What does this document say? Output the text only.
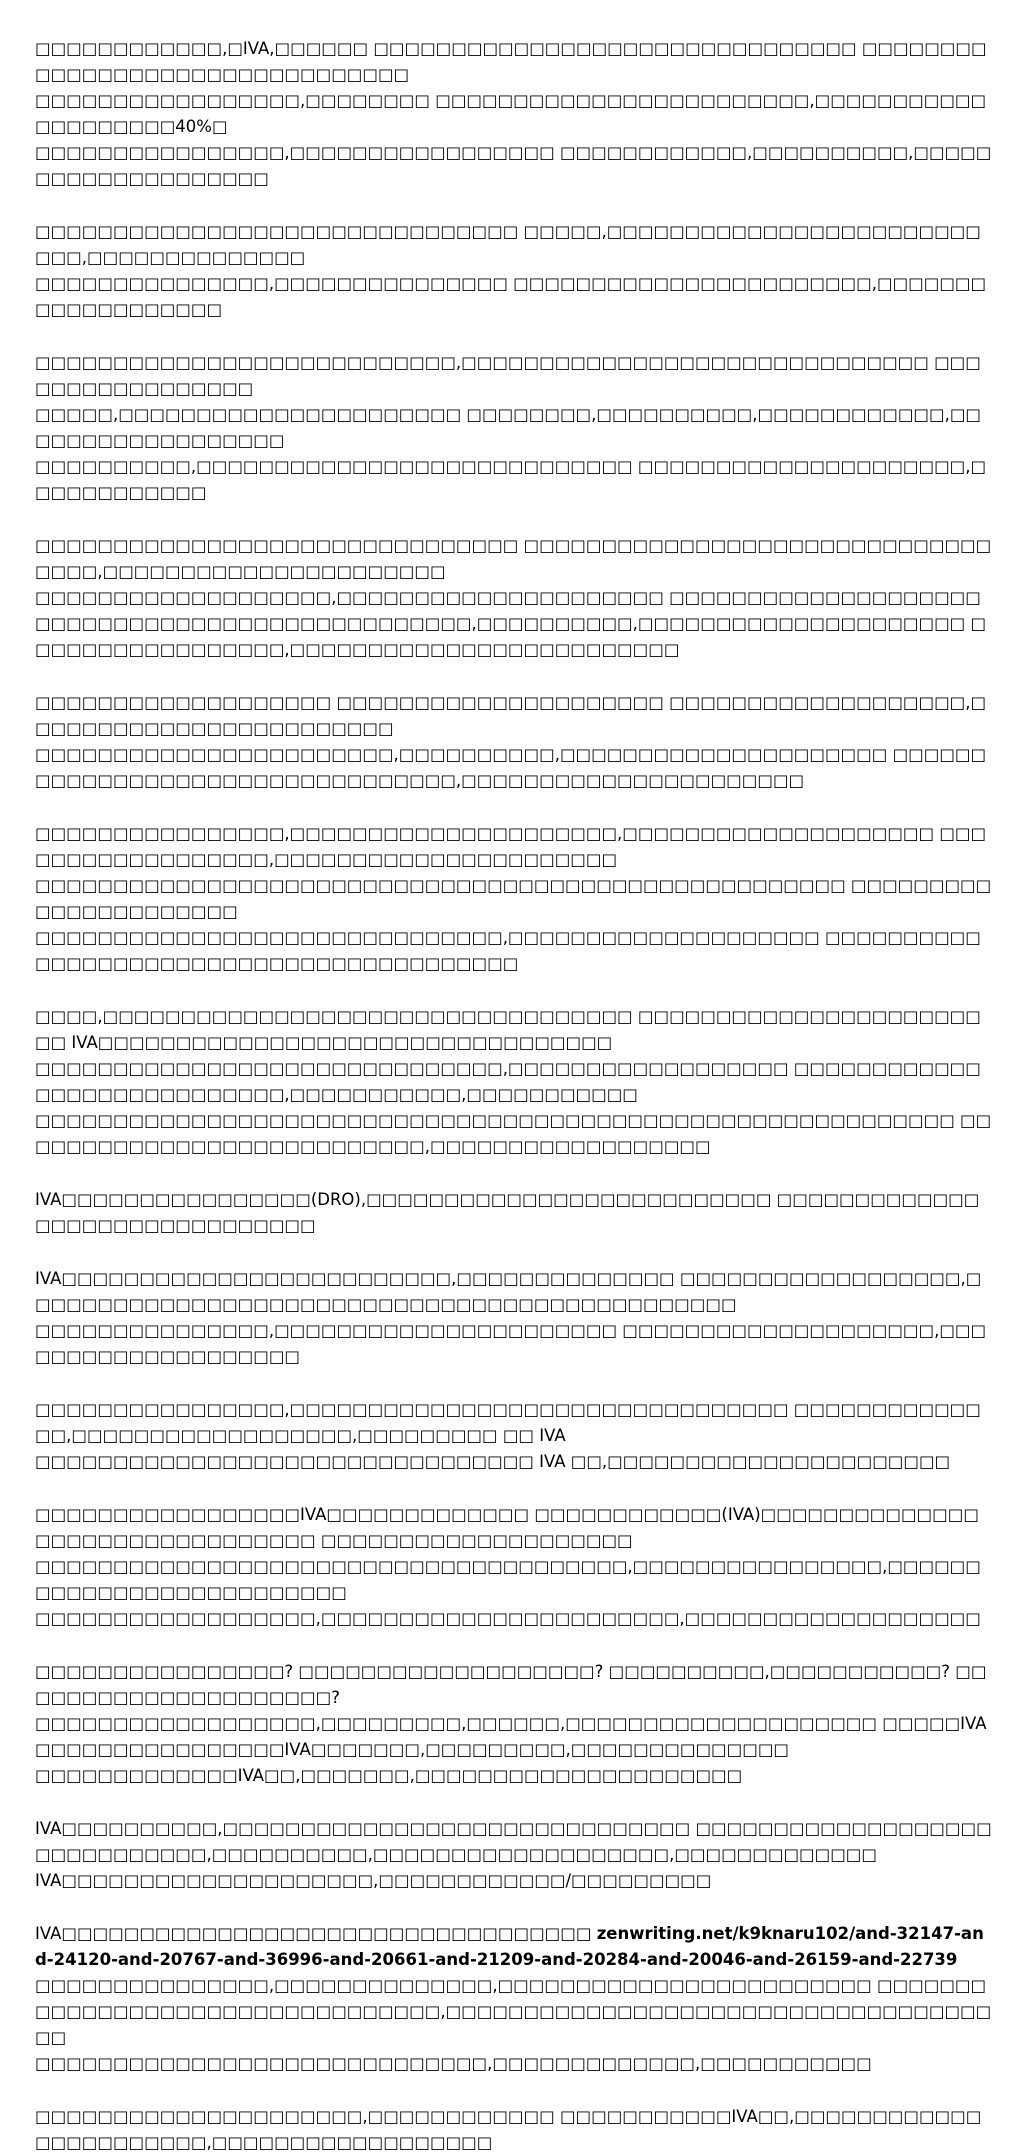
□□□□□□□□□□□□,□IVA,□□□□□□ □□□□□□□□□□□□□□□□□□□□□□□□□□□□□□□ □□□□□□□□□□□□□□□□□□□□□□□□□□□□□□□□
□□□□□□□□□□□□□□□□□,□□□□□□□□ □□□□□□□□□□□□□□□□□□□□□□□□,□□□□□□□□□□□□□□□□□□□□40%□
□□□□□□□□□□□□□□□□,□□□□□□□□□□□□□□□□□ □□□□□□□□□□□□,□□□□□□□□□□,□□□□□□□□□□□□□□□□□□□□

□□□□□□□□□□□□□□□□□□□□□□□□□□□□□□□ □□□□□,□□□□□□□□□□□□□□□□□□□□□□□□□□□,□□□□□□□□□□□□□□
□□□□□□□□□□□□□□□,□□□□□□□□□□□□□□□ □□□□□□□□□□□□□□□□□□□□□□□,□□□□□□□□□□□□□□□□□□□

□□□□□□□□□□□□□□□□□□□□□□□□□□□,□□□□□□□□□□□□□□□□□□□□□□□□□□□□□□ □□□□□□□□□□□□□□□□□
□□□□□,□□□□□□□□□□□□□□□□□□□□□□ □□□□□□□□,□□□□□□□□□□,□□□□□□□□□□□□,□□□□□□□□□□□□□□□□□□
□□□□□□□□□□,□□□□□□□□□□□□□□□□□□□□□□□□□□□□ □□□□□□□□□□□□□□□□□□□□□,□□□□□□□□□□□□

□□□□□□□□□□□□□□□□□□□□□□□□□□□□□□□ □□□□□□□□□□□□□□□□□□□□□□□□□□□□□□□□□□,□□□□□□□□□□□□□□□□□□□□□□
□□□□□□□□□□□□□□□□□□□,□□□□□□□□□□□□□□□□□□□□□ □□□□□□□□□□□□□□□□□□□□
□□□□□□□□□□□□□□□□□□□□□□□□□□□□,□□□□□□□□□□,□□□□□□□□□□□□□□□□□□□□□ □□□□□□□□□□□□□□□□□,□□□□□□□□□□□□□□□□□□□□□□□□□

□□□□□□□□□□□□□□□□□□□ □□□□□□□□□□□□□□□□□□□□□ □□□□□□□□□□□□□□□□□□□,□□□□□□□□□□□□□□□□□□□□□□□□
□□□□□□□□□□□□□□□□□□□□□□□,□□□□□□□□□□,□□□□□□□□□□□□□□□□□□□□□ □□□□□□□□□□□□□□□□□□□□□□□□□□□□□□□□□,□□□□□□□□□□□□□□□□□□□□□□

□□□□□□□□□□□□□□□□,□□□□□□□□□□□□□□□□□□□□□,□□□□□□□□□□□□□□□□□□□□ □□□□□□□□□□□□□□□□□□,□□□□□□□□□□□□□□□□□□□□□□
□□□□□□□□□□□□□□□□□□□□□□□□□□□□□□□□□□□□□□□□□□□□□□□□□□□□ □□□□□□□□□□□□□□□□□□□□□□
□□□□□□□□□□□□□□□□□□□□□□□□□□□□□□,□□□□□□□□□□□□□□□□□□□□ □□□□□□□□□□□□□□□□□□□□□□□□□□□□□□□□□□□□□□□□□

□□□□,□□□□□□□□□□□□□□□□□□□□□□□□□□□□□□□□□□ □□□□□□□□□□□□□□□□□□□□□□□□ IVA□□□□□□□□□□□□□□□□□□□□□□□□□□□□□□□□□
□□□□□□□□□□□□□□□□□□□□□□□□□□□□□□,□□□□□□□□□□□□□□□□□□ □□□□□□□□□□□□□□□□□□□□□□□□□□□□,□□□□□□□□□□□,□□□□□□□□□□□
□□□□□□□□□□□□□□□□□□□□□□□□□□□□□□□□□□□□□□□□□□□□□□□□□□□□□□□□□□□ □□□□□□□□□□□□□□□□□□□□□□□□□□□,□□□□□□□□□□□□□□□□□□

IVA□□□□□□□□□□□□□□□□(DRO),□□□□□□□□□□□□□□□□□□□□□□□□□□ □□□□□□□□□□□□□□□□□□□□□□□□□□□□□□□

IVA□□□□□□□□□□□□□□□□□□□□□□□□□,□□□□□□□□□□□□□□ □□□□□□□□□□□□□□□□□□,□□□□□□□□□□□□□□□□□□□□□□□□□□□□□□□□□□□□□□□□□□□□□□
□□□□□□□□□□□□□□□,□□□□□□□□□□□□□□□□□□□□□□ □□□□□□□□□□□□□□□□□□□□,□□□□□□□□□□□□□□□□□□□□

□□□□□□□□□□□□□□□□,□□□□□□□□□□□□□□□□□□□□□□□□□□□□□□□□ □□□□□□□□□□□□□□,□□□□□□□□□□□□□□□□□□,□□□□□□□□□ □□ IVA
□□□□□□□□□□□□□□□□□□□□□□□□□□□□□□□□ IVA □□,□□□□□□□□□□□□□□□□□□□□□□

□□□□□□□□□□□□□□□□□IVA□□□□□□□□□□□□□ □□□□□□□□□□□□(IVA)□□□□□□□□□□□□□□□□□□□□□□□□□□□□□□□□ □□□□□□□□□□□□□□□□□□□□
□□□□□□□□□□□□□□□□□□□□□□□□□□□□□□□□□□□□□□,□□□□□□□□□□□□□□□□,□□□□□□□□□□□□□□□□□□□□□□□□□□
□□□□□□□□□□□□□□□□□□,□□□□□□□□□□□□□□□□□□□□□□□,□□□□□□□□□□□□□□□□□□□

□□□□□□□□□□□□□□□□? □□□□□□□□□□□□□□□□□□□? □□□□□□□□□□,□□□□□□□□□□□? □□□□□□□□□□□□□□□□□□□□□?
□□□□□□□□□□□□□□□□□□,□□□□□□□□□,□□□□□□,□□□□□□□□□□□□□□□□□□□□ □□□□□IVA□□□□□□□□□□□□□□□□IVA□□□□□□□,□□□□□□□□□,□□□□□□□□□□□□□□
□□□□□□□□□□□□□IVA□□,□□□□□□□,□□□□□□□□□□□□□□□□□□□□□

IVA□□□□□□□□□□,□□□□□□□□□□□□□□□□□□□□□□□□□□□□□□ □□□□□□□□□□□□□□□□□□□□□□□□□□□□□□,□□□□□□□□□□,□□□□□□□□□□□□□□□□□□□,□□□□□□□□□□□□□
IVA□□□□□□□□□□□□□□□□□□□□,□□□□□□□□□□□□/□□□□□□□□□

IVA□□□□□□□□□□□□□□□□□□□□□□□□□□□□□□□□□□ zenwriting.net/k9knaru102/and-32147-and-24120-and-20767-and-36996-and-20661-and-21209-and-20284-and-20046-and-26159-and-22739
□□□□□□□□□□□□□□□,□□□□□□□□□□□□□□,□□□□□□□□□□□□□□□□□□□□□□□□ □□□□□□□□□□□□□□□□□□□□□□□□□□□□□□□□□,□□□□□□□□□□□□□□□□□□□□□□□□□□□□□□□□□□□□□
□□□□□□□□□□□□□□□□□□□□□□□□□□□□□,□□□□□□□□□□□□□,□□□□□□□□□□□

□□□□□□□□□□□□□□□□□□□□□,□□□□□□□□□□□□ □□□□□□□□□□□IVA□□,□□□□□□□□□□□□□□□□□□□□□□□,□□□□□□□□□□□□□□□□□□
